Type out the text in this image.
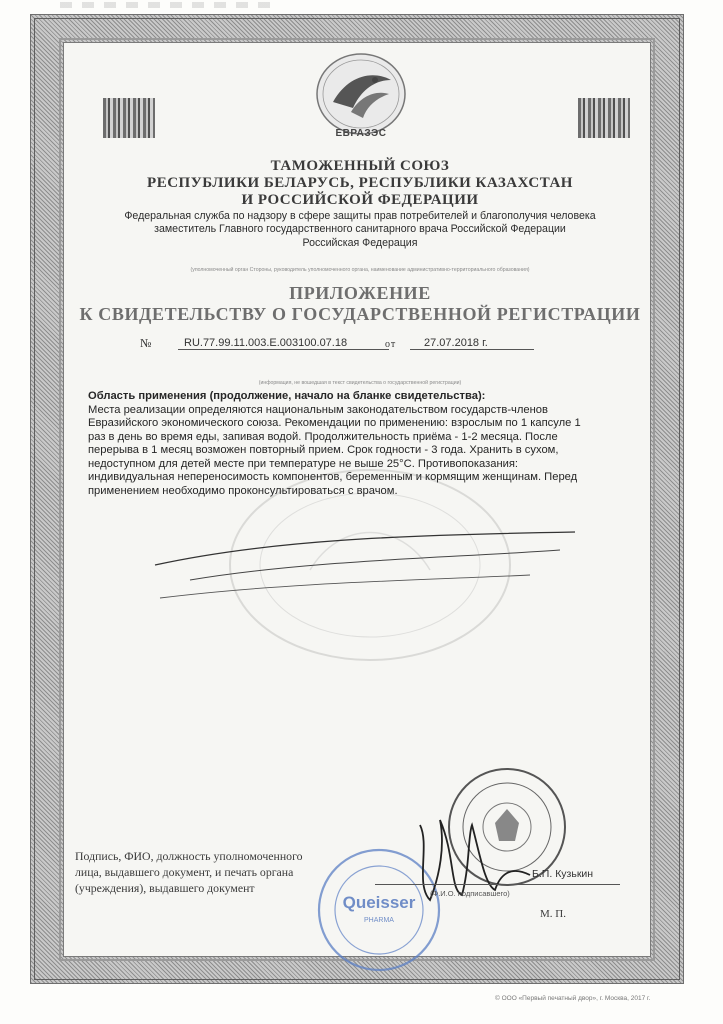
ЕВРАЗЭС
ТАМОЖЕННЫЙ СОЮЗ
РЕСПУБЛИКИ БЕЛАРУСЬ, РЕСПУБЛИКИ КАЗАХСТАН
И РОССИЙСКОЙ ФЕДЕРАЦИИ
Федеральная служба по надзору в сфере защиты прав потребителей и благополучия человека
заместитель Главного государственного санитарного врача Российской Федерации
Российская Федерация
(уполномоченный орган Стороны, руководитель уполномоченного органа, наименование административно-территориального образования)
ПРИЛОЖЕНИЕ
К СВИДЕТЕЛЬСТВУ О ГОСУДАРСТВЕННОЙ РЕГИСТРАЦИИ
№	RU.77.99.11.003.E.003100.07.18	от	27.07.2018 г.
(информация, не вошедшая в текст свидетельства о государственной регистрации)

Область применения (продолжение, начало на бланке свидетельства):

Места реализации определяются национальным законодательством государств-членов

Евразийского экономического союза. Рекомендации по применению: взрослым по 1 капсуле 1

раз в день во время еды, запивая водой. Продолжительность приёма - 1-2 месяца. После

перерыва в 1 месяц возможен повторный прием. Срок годности - 3 года. Хранить в сухом,

недоступном для детей месте при температуре не выше 25°С. Противопоказания:

индивидуальная непереносимость компонентов, беременным и кормящим женщинам. Перед

применением необходимо проконсультироваться с врачом.

Queisser
PHARMA

Подпись, ФИО, должность уполномоченного

лица, выдавшего документ, и печать органа

(учреждения), выдавшего документ

Б.П. Кузькин
(Ф.И.О. подписавшего)
М. П.
© ООО «Первый печатный двор», г. Москва, 2017 г.
